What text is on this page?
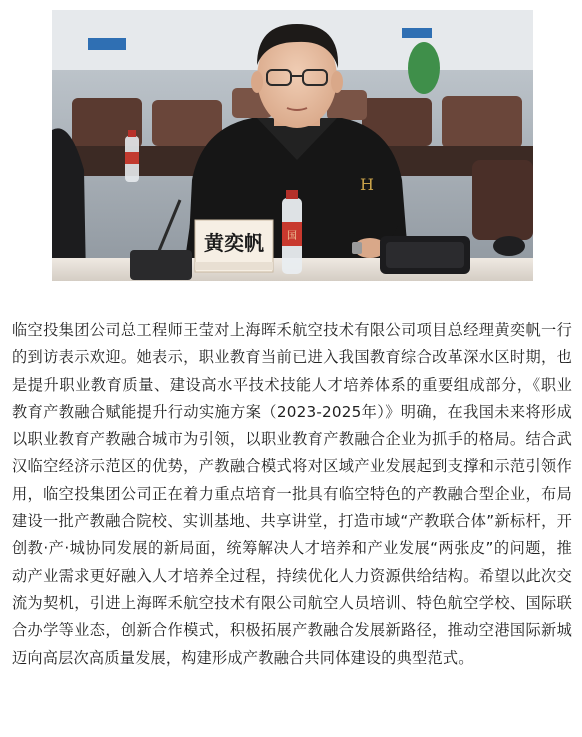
H
黄奕帆 国

临空投集团公司总工程师王莹对上海晖禾航空技术有限公司项目总经理黄奕帆一行的到访表示欢迎。她表示，职业教育当前已进入我国教育综合改革深水区时期，也是提升职业教育质量、建设高水平技术技能人才培养体系的重要组成部分，《职业教育产教融合赋能提升行动实施方案（2023-2025年）》明确，在我国未来将形成以职业教育产教融合城市为引领，以职业教育产教融合企业为抓手的格局。结合武汉临空经济示范区的优势，产教融合模式将对区域产业发展起到支撑和示范引领作用，临空投集团公司正在着力重点培育一批具有临空特色的产教融合型企业，布局建设一批产教融合院校、实训基地、共享讲堂，打造市域“产教联合体”新标杆，开创教·产·城协同发展的新局面，统筹解决人才培养和产业发展“两张皮”的问题，推动产业需求更好融入人才培养全过程，持续优化人力资源供给结构。希望以此次交流为契机，引进上海晖禾航空技术有限公司航空人员培训、特色航空学校、国际联合办学等业态，创新合作模式，积极拓展产教融合发展新路径，推动空港国际新城迈向高层次高质量发展，构建形成产教融合共同体建设的典型范式。
